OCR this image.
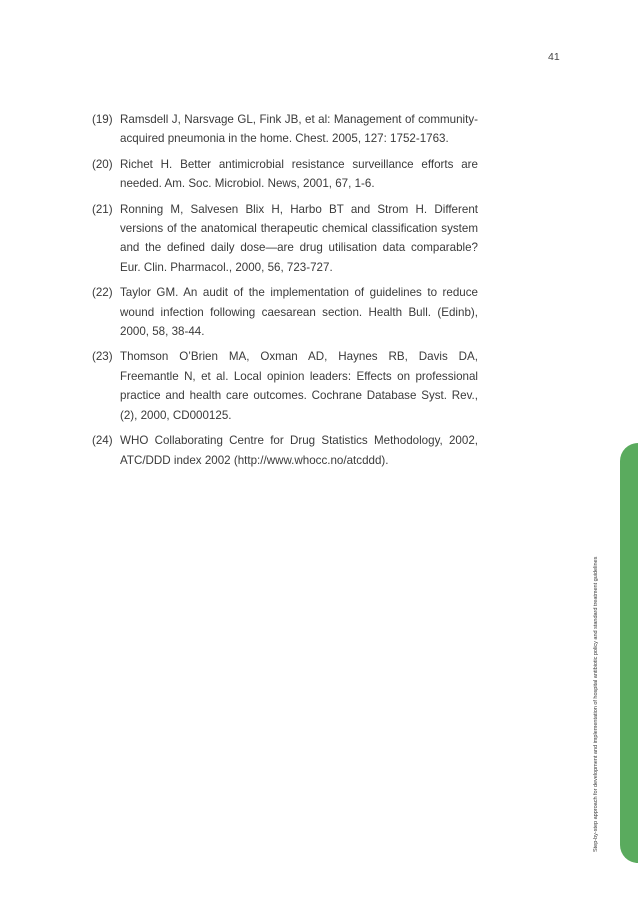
41
(19) Ramsdell J, Narsvage GL, Fink JB, et al: Management of community-acquired pneumonia in the home. Chest. 2005, 127: 1752-1763.
(20) Richet H. Better antimicrobial resistance surveillance efforts are needed. Am. Soc. Microbiol. News, 2001, 67, 1-6.
(21) Ronning M, Salvesen Blix H, Harbo BT and Strom H. Different versions of the anatomical therapeutic chemical classification system and the defined daily dose—are drug utilisation data comparable? Eur. Clin. Pharmacol., 2000, 56, 723-727.
(22) Taylor GM. An audit of the implementation of guidelines to reduce wound infection following caesarean section. Health Bull. (Edinb), 2000, 58, 38-44.
(23) Thomson O’Brien MA, Oxman AD, Haynes RB, Davis DA, Freemantle N, et al. Local opinion leaders: Effects on professional practice and health care outcomes. Cochrane Database Syst. Rev., (2), 2000, CD000125.
(24) WHO Collaborating Centre for Drug Statistics Methodology, 2002, ATC/DDD index 2002 (http://www.whocc.no/atcddd).
Step-by-step approach for development and implementation of hospital antibiotic policy and standard treatment guidelines
